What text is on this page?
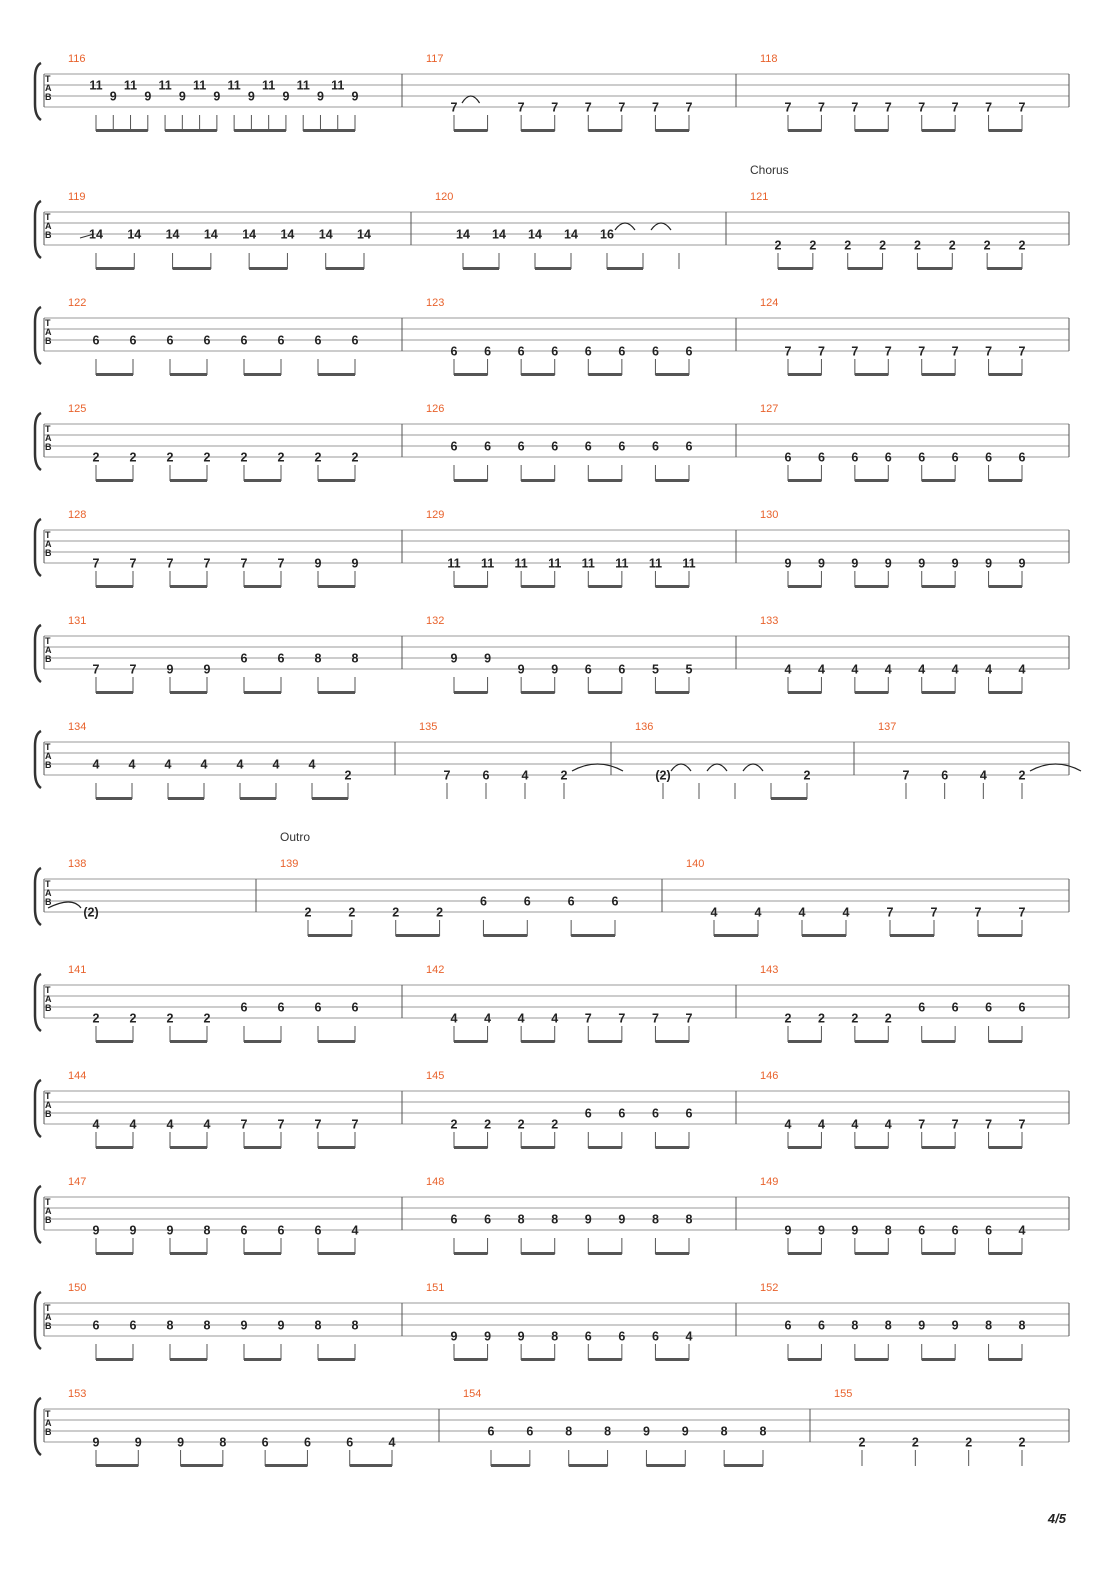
T
A
B
116
11
9
11
9
11
9
11
9
11
9
11
9
11
9
11
9
117
7	7 7 7 7 7 7
118
7 7 7 7 7 7 7 7
T
A
B
119
14 14 14 14 14 14 14 14
120
14 14 14 14 16
121
Chorus
2 2 2 2 2 2 2 2
T
A
B
122
6 6 6 6 6 6 6 6
123
6 6 6 6 6 6 6 6
124
7 7 7 7 7 7 7 7
T
A
B
125
2 2 2 2 2 2 2 2
126
6 6 6 6 6 6 6 6
127
6 6 6 6 6 6 6 6
T
A
B
128
7 7 7 7 7 7 9 9
129
11 11 11 11 11 11 11 11
130
9 9 9 9 9 9 9 9
T
A
B
131
7 7 9 9
6 6 8 8
132
9 9
9 9 6 6 5 5
133
4 4 4 4 4 4 4 4
T
A
B
134
4 4 4 4 4 4 4
2
135
7	6	4	2
136
(2)	2
137
7	6	4	2
T
A
B
138
(2)
139
Outro
2	2	2	2
6	6	6	6
140
4	4	4	4	7	7	7	7
T
A
B
141
2 2 2 2
6 6 6 6
142
4 4 4 4 7 7 7 7
143
2 2 2 2
6 6 6 6
T
A
B
144
4 4 4 4 7 7 7 7
145
2 2 2 2
6 6 6 6
146
4 4 4 4 7 7 7 7
T
A
B
147
9 9 9 8 6 6 6 4
148
6 6 8 8 9 9 8 8
149
9 9 9 8 6 6 6 4
T
A
B
150
6 6 8 8 9 9 8 8
151
9 9 9 8 6 6 6 4
152
6 6 8 8 9 9 8 8
T
A
B
153
9	9	9	8	6	6	6	4
154
6	6	8	8	9	9	8	8
155
2	2	2	2
4/5
